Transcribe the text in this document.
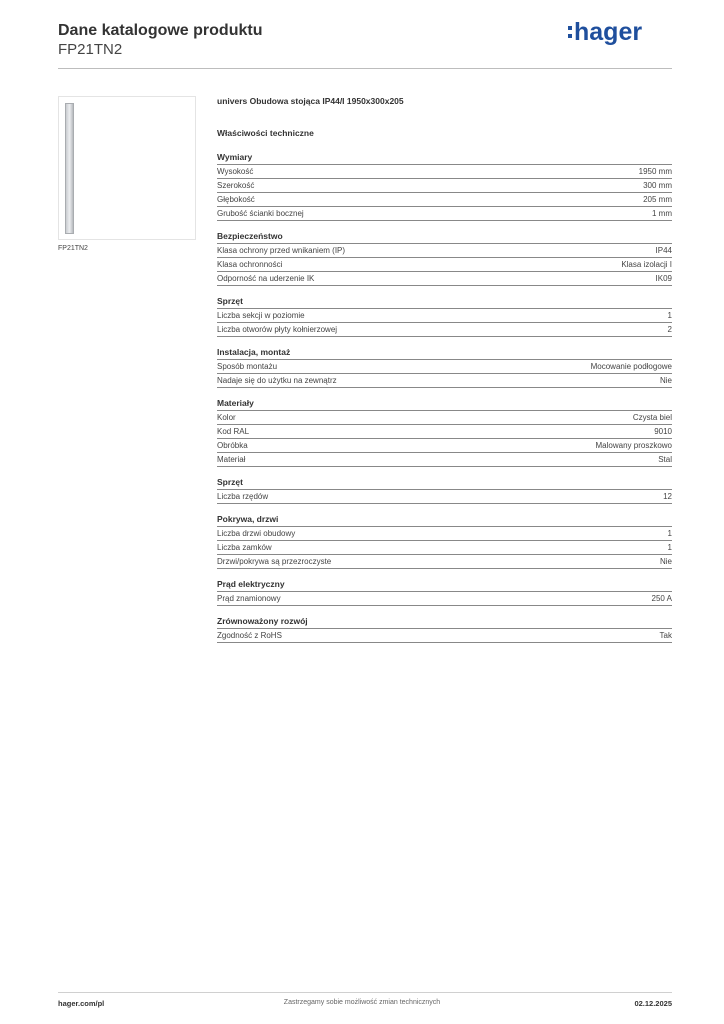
Dane katalogowe produktu
FP21TN2
hager
FP21TN2
univers Obudowa stojąca IP44/I 1950x300x205
Właściwości techniczne
Wymiary
Wysokość	1950 mm
Szerokość	300 mm
Głębokość	205 mm
Grubość ścianki bocznej	1 mm
Bezpieczeństwo
Klasa ochrony przed wnikaniem (IP)	IP44
Klasa ochronności	Klasa izolacji I
Odporność na uderzenie IK	IK09
Sprzęt
Liczba sekcji w poziomie	1
Liczba otworów płyty kołnierzowej	2
Instalacja, montaż
Sposób montażu	Mocowanie podłogowe
Nadaje się do użytku na zewnątrz	Nie
Materiały
Kolor	Czysta biel
Kod RAL	9010
Obróbka	Malowany proszkowo
Materiał	Stal
Sprzęt
Liczba rzędów	12
Pokrywa, drzwi
Liczba drzwi obudowy	1
Liczba zamków	1
Drzwi/pokrywa są przezroczyste	Nie
Prąd elektryczny
Prąd znamionowy	250 A
Zrównoważony rozwój
Zgodność z RoHS	Tak
hager.com/pl	Zastrzegamy sobie możliwość zmian technicznych	02.12.2025
